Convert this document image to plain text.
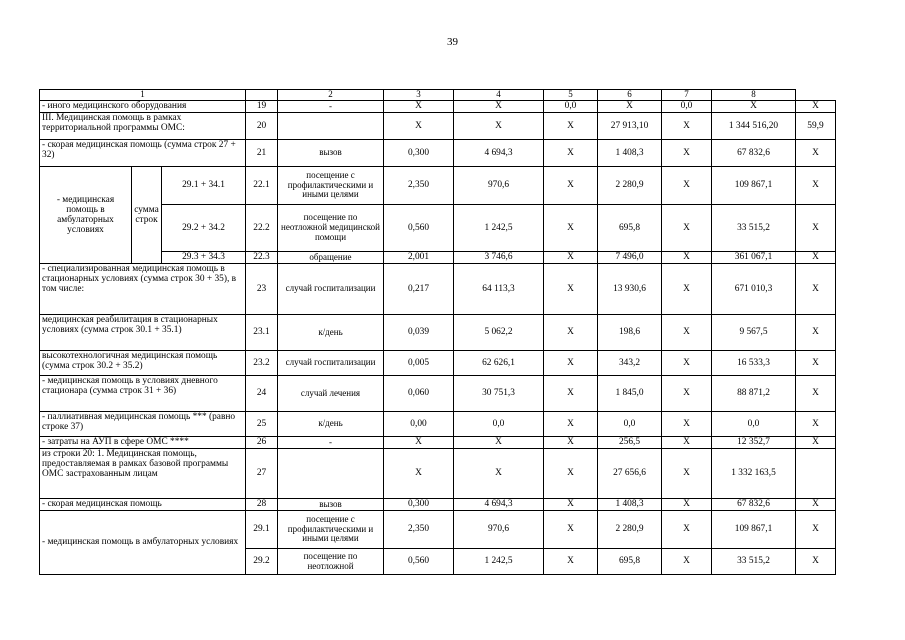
39
1				2	3	4	5	6	7	8	
- иного медицинского оборудования			19	-	X	X	0,0	X	0,0	X	X
III. Медицинская помощь в рамках территориальной программы ОМС:			20		X	X	X	27 913,10	X	1 344 516,20	59,9
- скорая медицинская помощь (сумма строк 27 + 32)			21	вызов	0,300	4 694,3	X	1 408,3	X	67 832,6	X
- медицинская помощь в амбулаторных условиях	сумма строк	29.1 + 34.1	22.1	посещение с профилактическими и иными целями	2,350	970,6	X	2 280,9	X	109 867,1	X
		29.2 + 34.2	22.2	посещение по неотложной медицинской помощи	0,560	1 242,5	X	695,8	X	33 515,2	X
		29.3 + 34.3	22.3	обращение	2,001	3 746,6	X	7 496,0	X	361 067,1	X
- специализированная медицинская помощь в стационарных условиях (сумма строк 30 + 35), в том числе:			23	случай госпитализации	0,217	64 113,3	X	13 930,6	X	671 010,3	X
медицинская реабилитация в стационарных условиях (сумма строк 30.1 + 35.1)			23.1	к/день	0,039	5 062,2	X	198,6	X	9 567,5	X
высокотехнологичная медицинская помощь (сумма строк 30.2 + 35.2)			23.2	случай госпитализации	0,005	62 626,1	X	343,2	X	16 533,3	X
- медицинская помощь в условиях дневного стационара (сумма строк 31 + 36)			24	случай лечения	0,060	30 751,3	X	1 845,0	X	88 871,2	X
- паллиативная медицинская помощь *** (равно строке 37)			25	к/день	0,00	0,0	X	0,0	X	0,0	X
- затраты на АУП в сфере ОМС ****			26	-	X	X	X	256,5	X	12 352,7	X
из строки 20: 1. Медицинская помощь, предоставляемая в рамках базовой программы ОМС застрахованным лицам			27		X	X	X	27 656,6	X	1 332 163,5	
- скорая медицинская помощь			28	вызов	0,300	4 694,3	X	1 408,3	X	67 832,6	X
- медицинская помощь в амбулаторных условиях			29.1	посещение с профилактическими и иными целями	2,350	970,6	X	2 280,9	X	109 867,1	X
			29.2	посещение по неотложной	0,560	1 242,5	X	695,8	X	33 515,2	X
